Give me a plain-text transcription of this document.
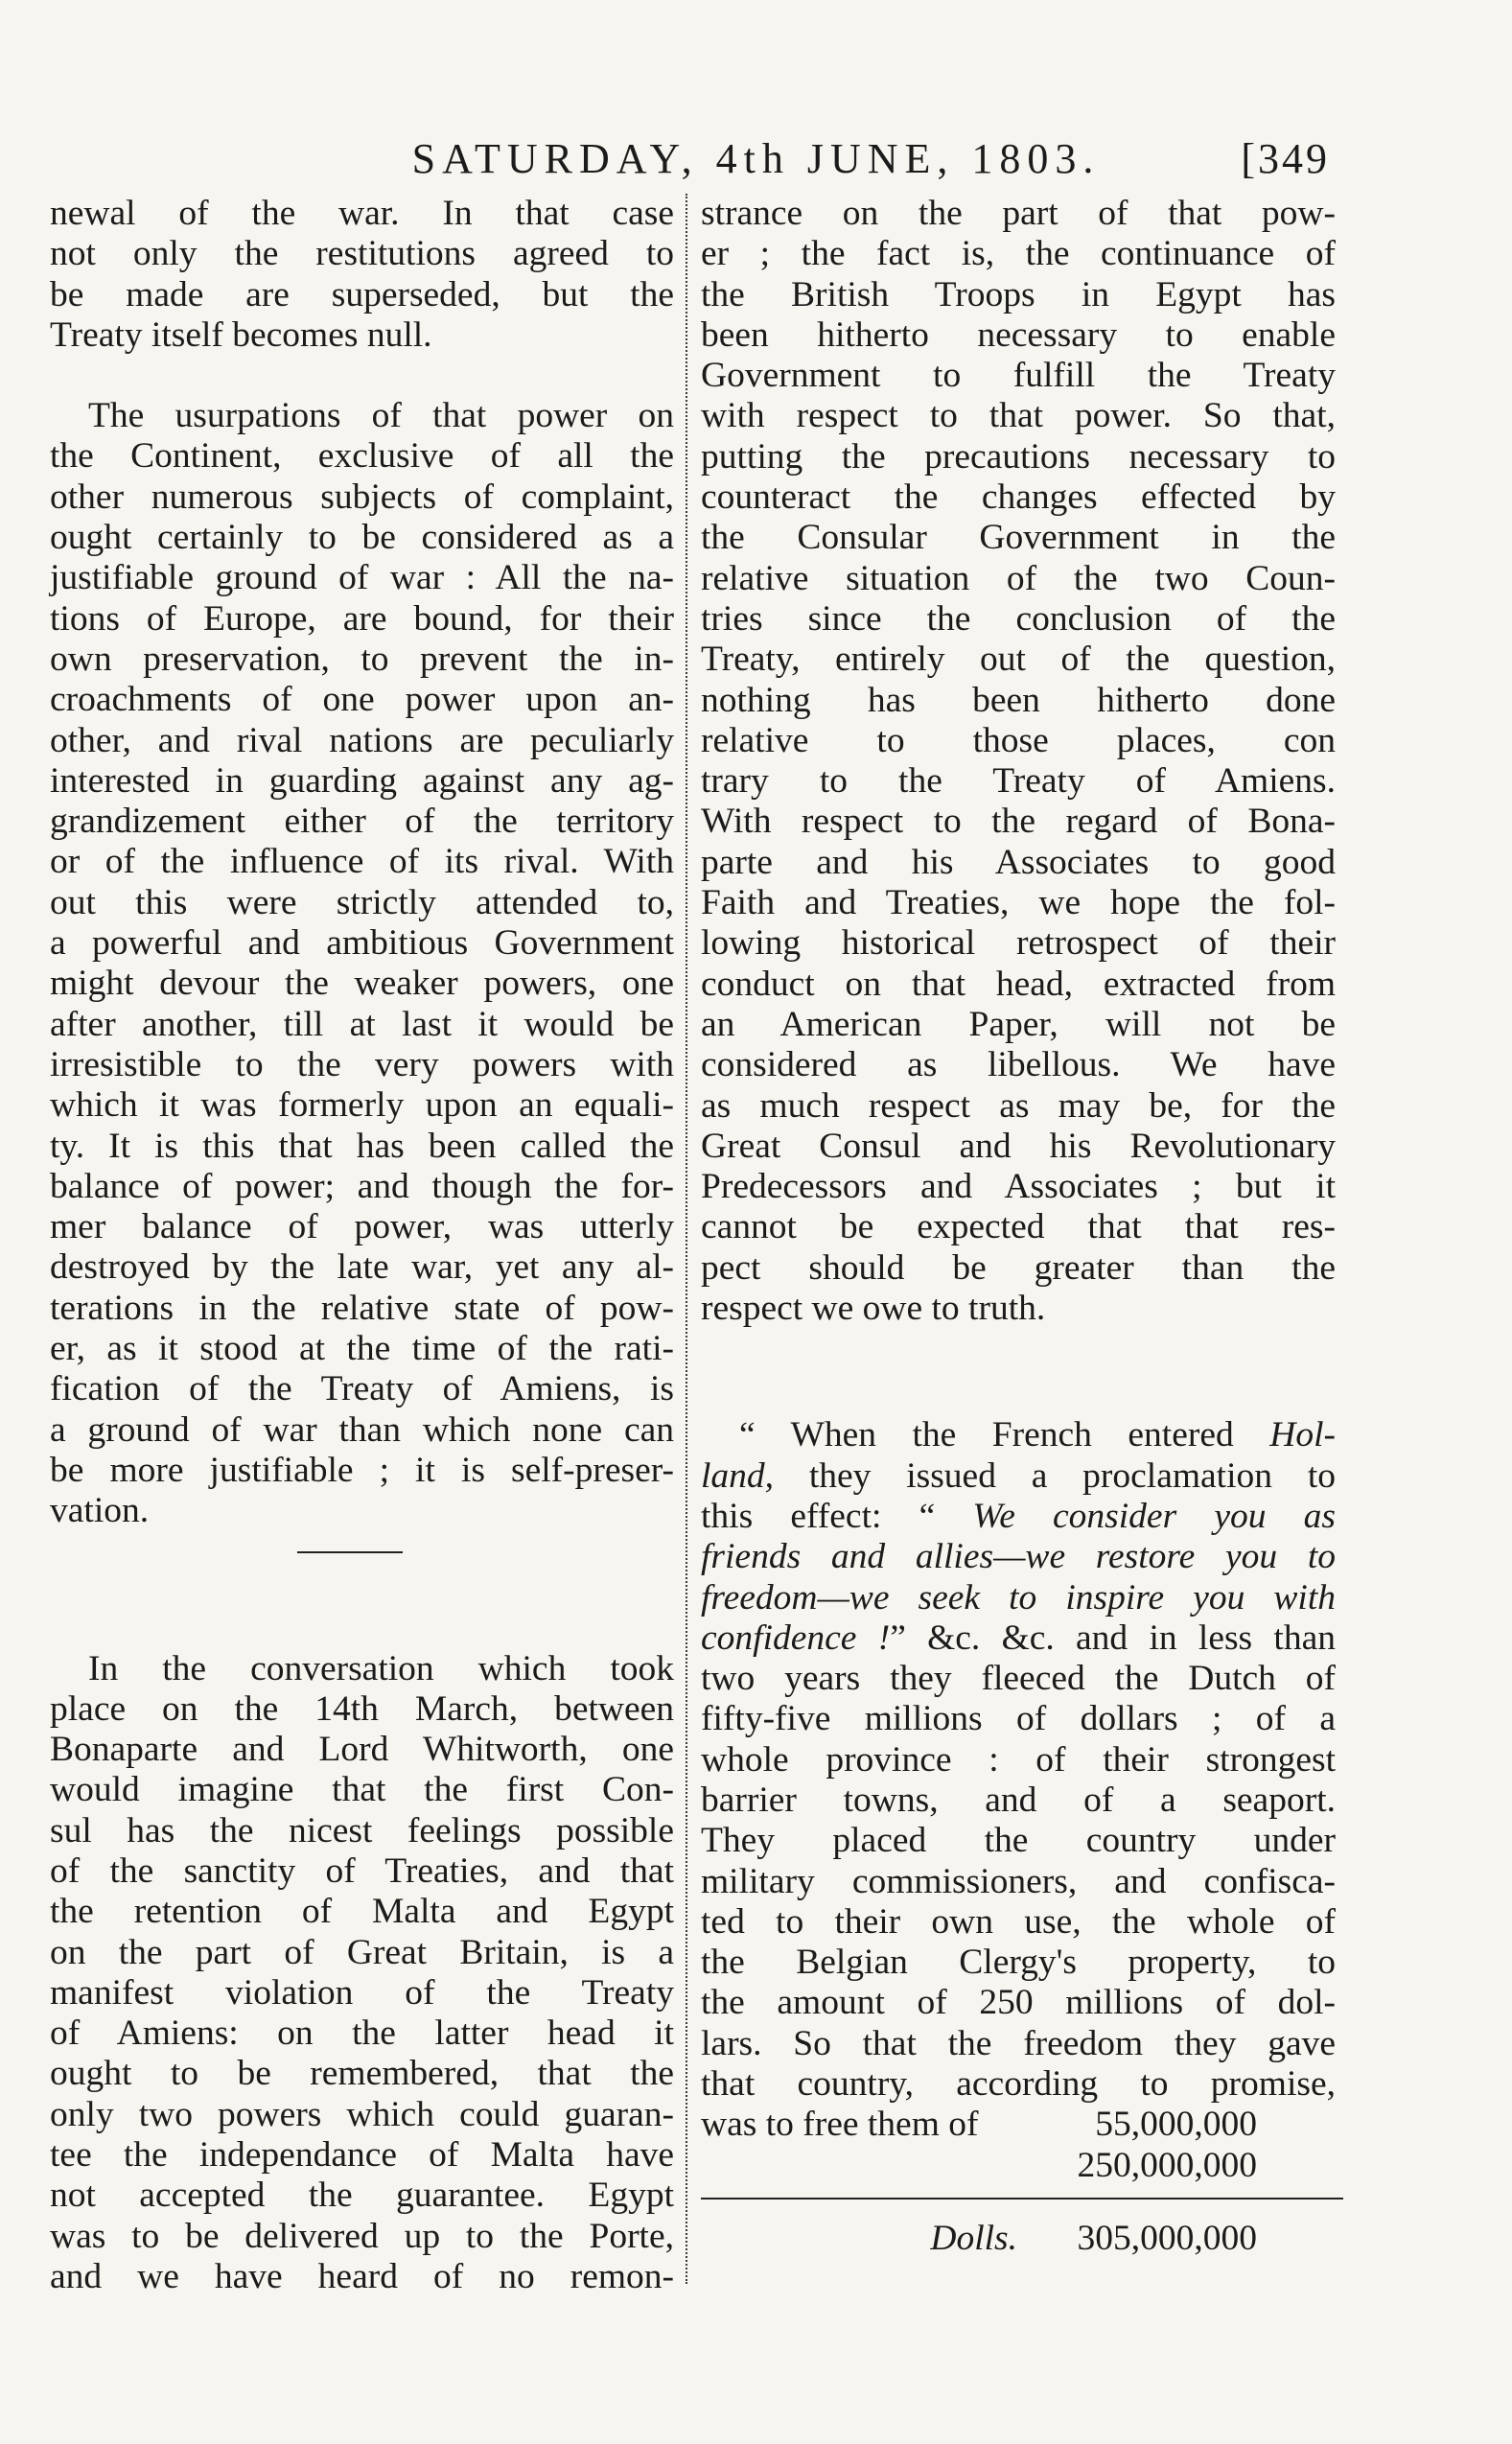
SATURDAY, 4th JUNE, 1803.	[349
newal of the war. In that case
not only the restitutions agreed to
be made are superseded, but the
Treaty itself becomes null.
The usurpations of that power on
the Continent, exclusive of all the
other numerous subjects of complaint,
ought certainly to be considered as a
justifiable ground of war : All the na-
tions of Europe, are bound, for their
own preservation, to prevent the in-
croachments of one power upon an-
other, and rival nations are peculiarly
interested in guarding against any ag-
grandizement either of the territory
or of the influence of its rival. With
out this were strictly attended to,
a powerful and ambitious Government
might devour the weaker powers, one
after another, till at last it would be
irresistible to the very powers with
which it was formerly upon an equali-
ty. It is this that has been called the
balance of power; and though the for-
mer balance of power, was utterly
destroyed by the late war, yet any al-
terations in the relative state of pow-
er, as it stood at the time of the rati-
fication of the Treaty of Amiens, is
a ground of war than which none can
be more justifiable ; it is self-preser-
vation.
In the conversation which took
place on the 14th March, between
Bonaparte and Lord Whitworth, one
would imagine that the first Con-
sul has the nicest feelings possible
of the sanctity of Treaties, and that
the retention of Malta and Egypt
on the part of Great Britain, is a
manifest violation of the Treaty
of Amiens: on the latter head it
ought to be remembered, that the
only two powers which could guaran-
tee the independance of Malta have
not accepted the guarantee. Egypt
was to be delivered up to the Porte,
and we have heard of no remon-
strance on the part of that pow-
er ; the fact is, the continuance of
the British Troops in Egypt has
been hitherto necessary to enable
Government to fulfill the Treaty
with respect to that power. So that,
putting the precautions necessary to
counteract the changes effected by
the Consular Government in the
relative situation of the two Coun-
tries since the conclusion of the
Treaty, entirely out of the question,
nothing has been hitherto done
relative to those places, con
trary to the Treaty of Amiens.
With respect to the regard of Bona-
parte and his Associates to good
Faith and Treaties, we hope the fol-
lowing historical retrospect of their
conduct on that head, extracted from
an American Paper, will not be
considered as libellous. We have
as much respect as may be, for the
Great Consul and his Revolutionary
Predecessors and Associates ; but it
cannot be expected that that res-
pect should be greater than the
respect we owe to truth.
“ When the French entered Hol-
land, they issued a proclamation to
this effect: “ We consider you as
friends and allies—we restore you to
freedom—we seek to inspire you with
confidence !” &c. &c. and in less than
two years they fleeced the Dutch of
fifty-five millions of dollars ; of a
whole province : of their strongest
barrier towns, and of a seaport.
They placed the country under
military commissioners, and confisca-
ted to their own use, the whole of
the Belgian Clergy's property, to
the amount of 250 millions of dol-
lars. So that the freedom they gave
that country, according to promise,
was to free them of	55,000,000
250,000,000
Dolls. 305,000,000
